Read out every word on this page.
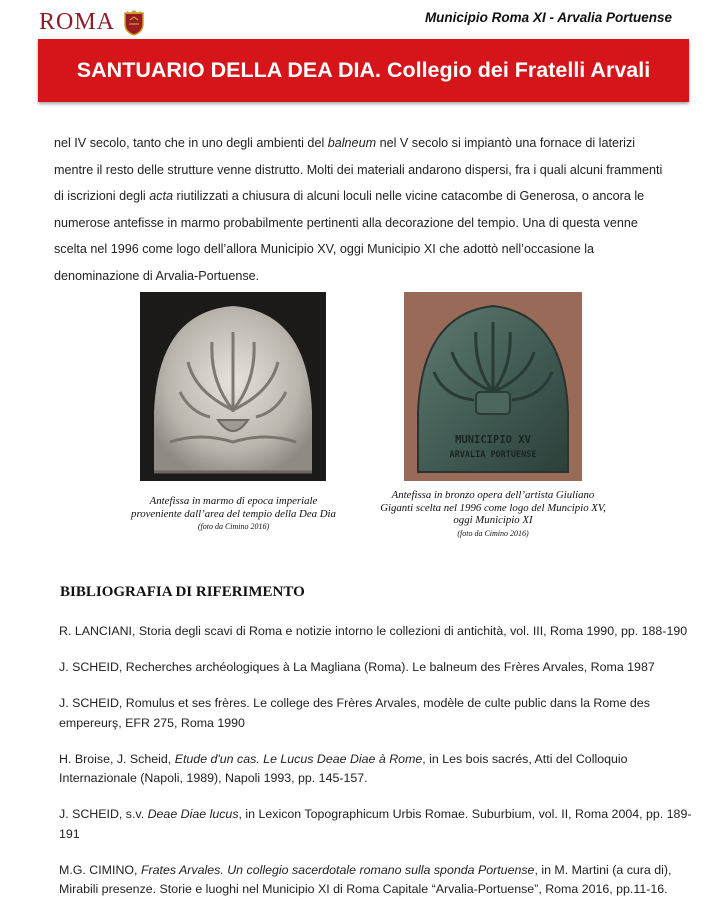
ROMA	Municipio Roma XI - Arvalia Portuense
SANTUARIO DELLA DEA DIA. Collegio dei Fratelli Arvali

nel IV secolo, tanto che in uno degli ambienti del balneum nel V secolo si impiantò una fornace di laterizi mentre il resto delle strutture venne distrutto. Molti dei materiali andarono dispersi, fra i quali alcuni frammenti di iscrizioni degli acta riutilizzati a chiusura di alcuni loculi nelle vicine catacombe di Generosa, o ancora le numerose antefisse in marmo probabilmente pertinenti alla decorazione del tempio. Una di questa venne scelta nel 1996 come logo dell’allora Municipio XV, oggi Municipio XI che adottò nell’occasione la denominazione di Arvalia-Portuense.

Antefissa in marmo di epoca imperiale proveniente dall’area del tempio della Dea Dia (foto da Cimino 2016)
MUNICIPIO XV
ARVALIA PORTUENSE
Antefissa in bronzo opera dell’artista Giuliano Giganti scelta nel 1996 come logo del Muncipio XV, oggi Municipio XI
(foto da Cimino 2016)
BIBLIOGRAFIA DI RIFERIMENTO

R. LANCIANI, Storia degli scavi di Roma e notizie intorno le collezioni di antichità, vol. III, Roma 1990, pp. 188-190

J. SCHEID, Recherches archéologiques à La Magliana (Roma). Le balneum des Frères Arvales, Roma 1987

J. SCHEID, Romulus et ses frères. Le college des Frères Arvales, modèle de culte public dans la Rome des empereurş, EFR 275, Roma 1990

H. Broise, J. Scheid, Etude d'un cas. Le Lucus Deae Diae à Rome, in Les bois sacrés, Atti del Colloquio Internazionale (Napoli, 1989), Napoli 1993, pp. 145-157.

J. SCHEID, s.v. Deae Diae lucus, in Lexicon Topographicum Urbis Romae. Suburbium, vol. II, Roma 2004, pp. 189-191

M.G. CIMINO, Frates Arvales. Un collegio sacerdotale romano sulla sponda Portuense, in M. Martini (a cura di), Mirabili presenze. Storie e luoghi nel Municipio XI di Roma Capitale “Arvalia-Portuense”, Roma 2016, pp.11-16.
